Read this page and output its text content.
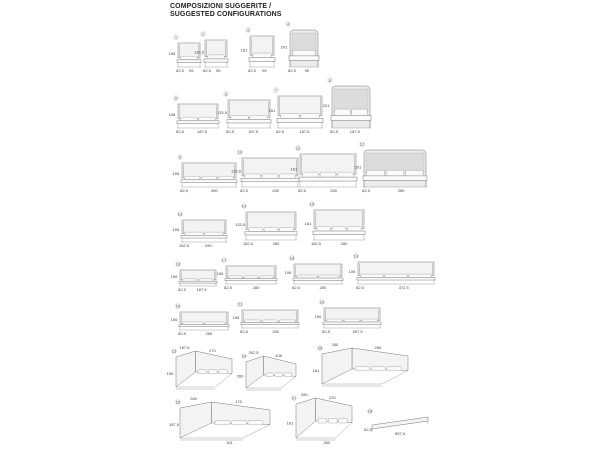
COMPOSIZIONI SUGGERITE /
SUGGESTED CONFIGURATIONS
1
106
82,5 95
2
133,5
82,5 95
3
161
82,5 95
4
201
82,5 95
5
106
82,5	187,5
6
133,5
82,5	187,5
7
161
82,5	187,5
8
201
82,5	187,5
9
106
82,5	280
10
133,5
82,5	280
11
161
82,5	280
12
201
82,5	280
13
106
162,5	280
14
133,5
162,5	280
15
161
162,5	280
16
106
82,5	187,5
17
106
82,5	280
18
106
82,5	280
19
106
82,5	372,5
20
106
82,5	280
21
106
82,5	280
22
106
82,5	557,5
23
187,5
270
106
24
267,5
106
260
25
260
280
161
26
280
175
187,5
161
27
280
220
161
260
28
557,5
82,5
